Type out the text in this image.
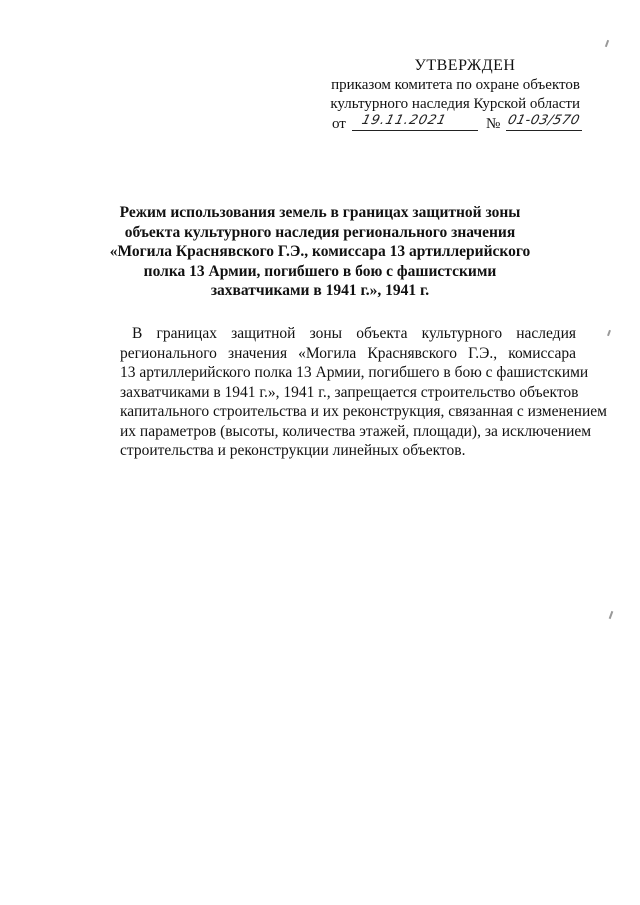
УТВЕРЖДЕН
приказом комитета по охране объектов
культурного наследия Курской области
от 19.11.2021	№ 01-03/570
Режим использования земель в границах защитной зоны
объекта культурного наследия регионального значения
«Могила Краснявского Г.Э., комиссара 13 артиллерийского
полка 13 Армии, погибшего в бою с фашистскими
захватчиками в 1941 г.», 1941 г.
В границах защитной зоны объекта культурного наследия
регионального значения «Могила Краснявского Г.Э., комиссара
13 артиллерийского полка 13 Армии, погибшего в бою с фашистскими
захватчиками в 1941 г.», 1941 г., запрещается строительство объектов
капитального строительства и их реконструкция, связанная с изменением
их параметров (высоты, количества этажей, площади), за исключением
строительства и реконструкции линейных объектов.
